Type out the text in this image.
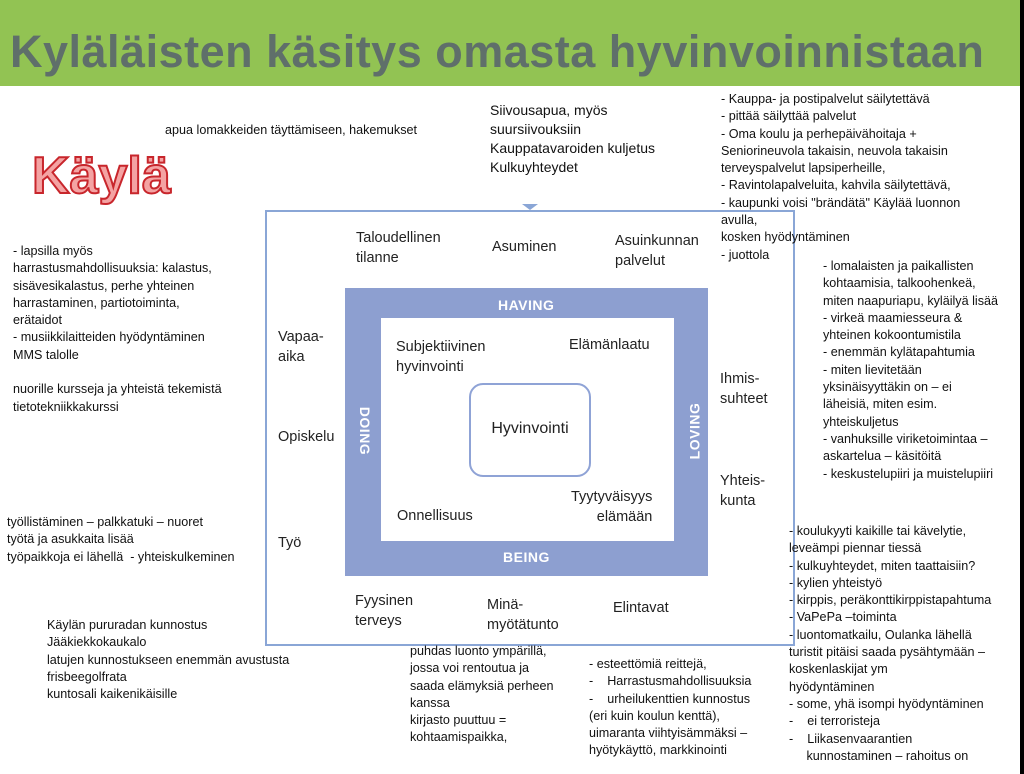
Kyläläisten käsitys omasta hyvinvoinnistaan
Käylä
Hyvinvointi
HAVING
BEING
DOING	LOVING
Subjektiivinen
hyvinvointi
Elämänlaatu
Onnellisuus
Tyytyväisyys
elämään
Taloudellinen
tilanne
Asuminen	Asuinkunnan
palvelut
Vapaa-
aika
Opiskelu
Työ
Ihmis-
suhteet
Yhteis-
kunta
Fyysinen
terveys
Minä-
myötätunto
Elintavat
apua lomakkeiden täyttämiseen, hakemukset
Siivousapua, myös
suursiivouksiin
Kauppatavaroiden kuljetus
Kulkuyhteydet
- Kauppa- ja postipalvelut säilytettävä
- pittää säilyttää palvelut
- Oma koulu ja perhepäivähoitaja +
Seniorineuvola takaisin, neuvola takaisin
terveyspalvelut lapsiperheille,
- Ravintolapalveluita, kahvila säilytettävä,
- kaupunki voisi "brändätä" Käylää luonnon
avulla,
kosken hyödyntäminen
- juottola
- lapsilla myös
harrastusmahdollisuuksia: kalastus,
sisävesikalastus, perhe yhteinen
harrastaminen, partiotoiminta,
erätaidot
- musiikkilaitteiden hyödyntäminen
MMS talolle

nuorille kursseja ja yhteistä tekemistä
tietotekniikkakurssi
- lomalaisten ja paikallisten
kohtaamisia, talkoohenkeä,
miten naapuriapu, kyläilyä lisää
- virkeä maamiesseura &
yhteinen kokoontumistila
- enemmän kylätapahtumia
- miten lievitetään
yksinäisyyttäkin on – ei
läheisiä, miten esim.
yhteiskuljetus
- vanhuksille viriketoimintaa –
askartelua – käsitöitä
- keskustelupiiri ja muistelupiiri
työllistäminen – palkkatuki – nuoret
työtä ja asukkaita lisää
työpaikkoja ei lähellä  - yhteiskulkeminen
Käylän pururadan kunnostus
Jääkiekkokaukalo
latujen kunnostukseen enemmän avustusta
frisbeegolfrata
kuntosali kaikenikäisille
puhdas luonto ympärillä,
jossa voi rentoutua ja
saada elämyksiä perheen
kanssa
kirjasto puuttuu =
kohtaamispaikka,
- esteettömiä reittejä,
-    Harrastusmahdollisuuksia
-    urheilukenttien kunnostus
(eri kuin koulun kenttä),
uimaranta viihtyisämmäksi –
hyötykäyttö, markkinointi
- koulukyyti kaikille tai kävelytie,
leveämpi piennar tiessä
- kulkuyhteydet, miten taattaisiin?
- kylien yhteistyö
- kirppis, peräkonttikirppistapahtuma
- VaPePa –toiminta
- luontomatkailu, Oulanka lähellä
turistit pitäisi saada pysähtymään –
koskenlaskijat ym
hyödyntäminen
- some, yhä isompi hyödyntäminen
-    ei terroristeja
-    Liikasenvaarantien
kunnostaminen – rahoitus on
